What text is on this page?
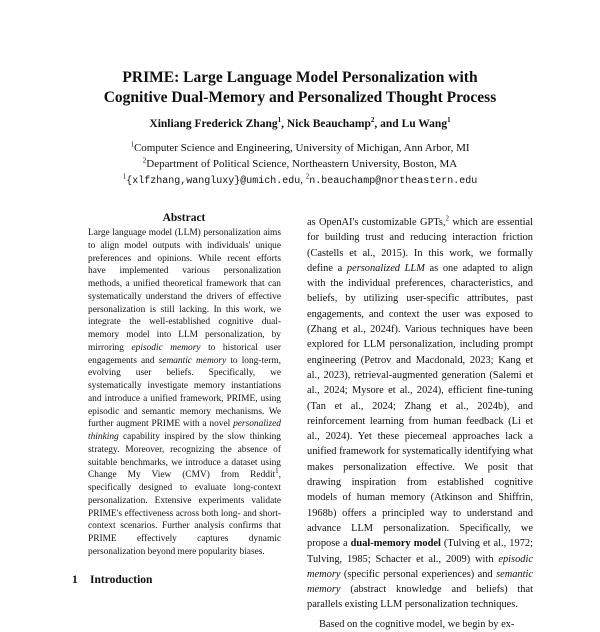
PRIME: Large Language Model Personalization with
Cognitive Dual-Memory and Personalized Thought Process
Xinliang Frederick Zhang$^1$, Nick Beauchamp$^2$, and Lu Wang$^1$
$^1$Computer Science and Engineering, University of Michigan, Ann Arbor, MI
$^2$Department of Political Science, Northeastern University, Boston, MA
$^1${xlfzhang,wangluxy}@umich.edu, $^2$n.beauchamp@northeastern.edu
Abstract

Large language model (LLM) personalization aims to align model outputs with individuals' unique preferences and opinions. While recent efforts have implemented various personalization methods, a unified theoretical framework that can systematically understand the drivers of effective personalization is still lacking. In this work, we integrate the well-established cognitive dual-memory model into LLM personalization, by mirroring episodic memory to historical user engagements and semantic memory to long-term, evolving user beliefs. Specifically, we systematically investigate memory instantiations and introduce a unified framework, PRIME, using episodic and semantic memory mechanisms. We further augment PRIME with a novel personalized thinking capability inspired by the slow thinking strategy. Moreover, recognizing the absence of suitable benchmarks, we introduce a dataset using Change My View (CMV) from Reddit$^1$, specifically designed to evaluate long-context personalization. Extensive experiments validate PRIME's effectiveness across both long- and short-context scenarios. Further analysis confirms that PRIME effectively captures dynamic personalization beyond mere popularity biases.

1 Introduction

as OpenAI's customizable GPTs,$^2$ which are essential for building trust and reducing interaction friction (Castells et al., 2015). In this work, we formally define a personalized LLM as one adapted to align with the individual preferences, characteristics, and beliefs, by utilizing user-specific attributes, past engagements, and context the user was exposed to (Zhang et al., 2024f). Various techniques have been explored for LLM personalization, including prompt engineering (Petrov and Macdonald, 2023; Kang et al., 2023), retrieval-augmented generation (Salemi et al., 2024; Mysore et al., 2024), efficient fine-tuning (Tan et al., 2024; Zhang et al., 2024b), and reinforcement learning from human feedback (Li et al., 2024). Yet these piecemeal approaches lack a unified framework for systematically identifying what makes personalization effective. We posit that drawing inspiration from established cognitive models of human memory (Atkinson and Shiffrin, 1968b) offers a principled way to understand and advance LLM personalization. Specifically, we propose a dual-memory model (Tulving et al., 1972; Tulving, 1985; Schacter et al., 2009) with episodic memory (specific personal experiences) and semantic memory (abstract knowledge and beliefs) that parallels existing LLM personalization techniques.

Based on the cognitive model, we begin by ex-
